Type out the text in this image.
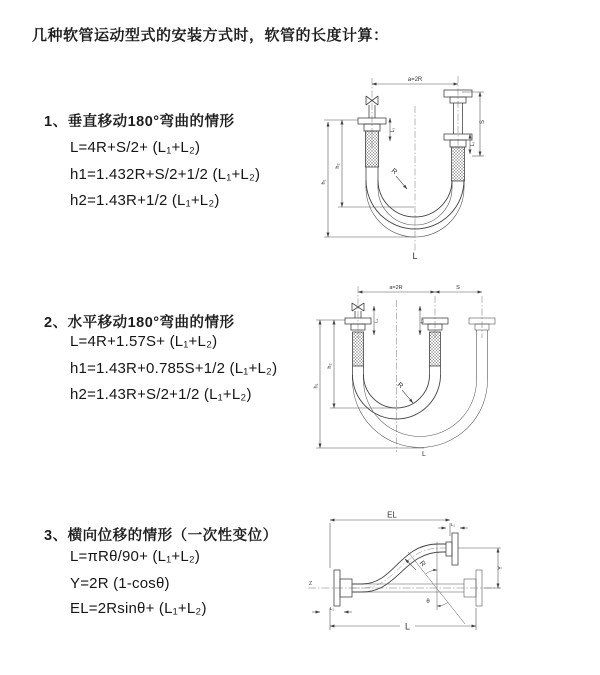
几种软管运动型式的安装方式时，软管的长度计算：
1、垂直移动180°弯曲的情形
L=4R+S/2+ (L₁+L₂)
h1=1.432R+S/2+1/2 (L₁+L₂)
h2=1.43R+1/2 (L₁+L₂)
a=2R
h₂
h₁
L₁
S
L₂
R
L
2、水平移动180°弯曲的情形
L=4R+1.57S+ (L₁+L₂)
h1=1.43R+0.785S+1/2 (L₁+L₂)
h2=1.43R+S/2+1/2 (L₁+L₂)
a=2R	S
h₂
h₁
L₁	L₂
R
L
3、横向位移的情形（一次性变位）
L=πRθ/90+ (L₁+L₂)
Y=2R (1-cosθ)
EL=2Rsinθ+ (L₁+L₂)
Z
EL
L₂
θ
R	Y
L₁
L
